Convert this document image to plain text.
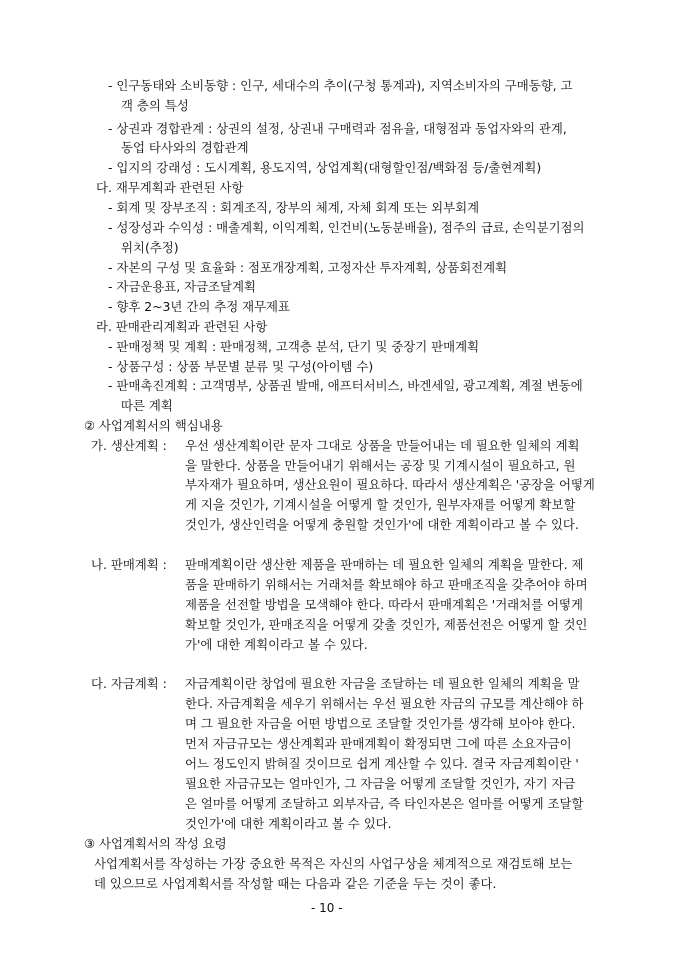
- 인구동태와 소비동향 : 인구, 세대수의 추이(구청 통계과), 지역소비자의 구매동향, 고
객 층의 특성
- 상권과 경합관계 : 상권의 설정, 상권내 구매력과 점유율, 대형점과 동업자와의 관계,
동업 타사와의 경합관계
- 입지의 강래성 : 도시계획, 용도지역, 상업계획(대형할인점/백화점 등/출현계획)
다. 재무계획과 관련된 사항
- 회계 및 장부조직 : 회계조직, 장부의 체계, 자체 회계 또는 외부회계
- 성장성과 수익성 : 매출계획, 이익계획, 인건비(노동분배율), 점주의 급료, 손익분기점의
위치(추정)
- 자본의 구성 및 효율화 : 점포개장계획, 고정자산 투자계획, 상품회전계획
- 자금운용표, 자금조달계획
- 향후 2~3년 간의 추정 재무제표
라. 판매관리계획과 관련된 사항
- 판매정책 및 계획 : 판매정책, 고객층 분석, 단기 및 중장기 판매계획
- 상품구성 : 상품 부문별 분류 및 구성(아이템 수)
- 판매촉진계획 : 고객명부, 상품권 발매, 애프터서비스, 바겐세일, 광고계획, 계절 변동에
따른 계획
② 사업계획서의 핵심내용
가. 생산계획 : 우선 생산계획이란 문자 그대로 상품을 만들어내는 데 필요한 일체의 계획
을 말한다. 상품을 만들어내기 위해서는 공장 및 기계시설이 필요하고, 원
부자재가 필요하며, 생산요원이 필요하다. 따라서 생산계획은 '공장을 어떻게
게 지을 것인가, 기계시설을 어떻게 할 것인가, 원부자재를 어떻게 확보할
것인가, 생산인력을 어떻게 충원할 것인가'에 대한 계획이라고 볼 수 있다.
나. 판매계획 : 판매계획이란 생산한 제품을 판매하는 데 필요한 일체의 계획을 말한다. 제
품을 판매하기 위해서는 거래처를 확보해야 하고 판매조직을 갖추어야 하며
제품을 선전할 방법을 모색해야 한다. 따라서 판매계획은 '거래처를 어떻게
확보할 것인가, 판매조직을 어떻게 갖출 것인가, 제품선전은 어떻게 할 것인
가'에 대한 계획이라고 볼 수 있다.
다. 자금계획 : 자금계획이란 창업에 필요한 자금을 조달하는 데 필요한 일체의 계획을 말
한다. 자금계획을 세우기 위해서는 우선 필요한 자금의 규모를 계산해야 하
며 그 필요한 자금을 어떤 방법으로 조달할 것인가를 생각해 보아야 한다.
먼저 자금규모는 생산계획과 판매계획이 확정되면 그에 따른 소요자금이
어느 정도인지 밝혀질 것이므로 쉽게 계산할 수 있다. 결국 자금계획이란 '
필요한 자금규모는 얼마인가, 그 자금을 어떻게 조달할 것인가, 자기 자금
은 얼마를 어떻게 조달하고 외부자금, 즉 타인자본은 얼마를 어떻게 조달할
것인가'에 대한 계획이라고 볼 수 있다.
③ 사업계획서의 작성 요령
사업계획서를 작성하는 가장 중요한 목적은 자신의 사업구상을 체계적으로 재검토해 보는
데 있으므로 사업계획서를 작성할 때는 다음과 같은 기준을 두는 것이 좋다.
- 10 -
